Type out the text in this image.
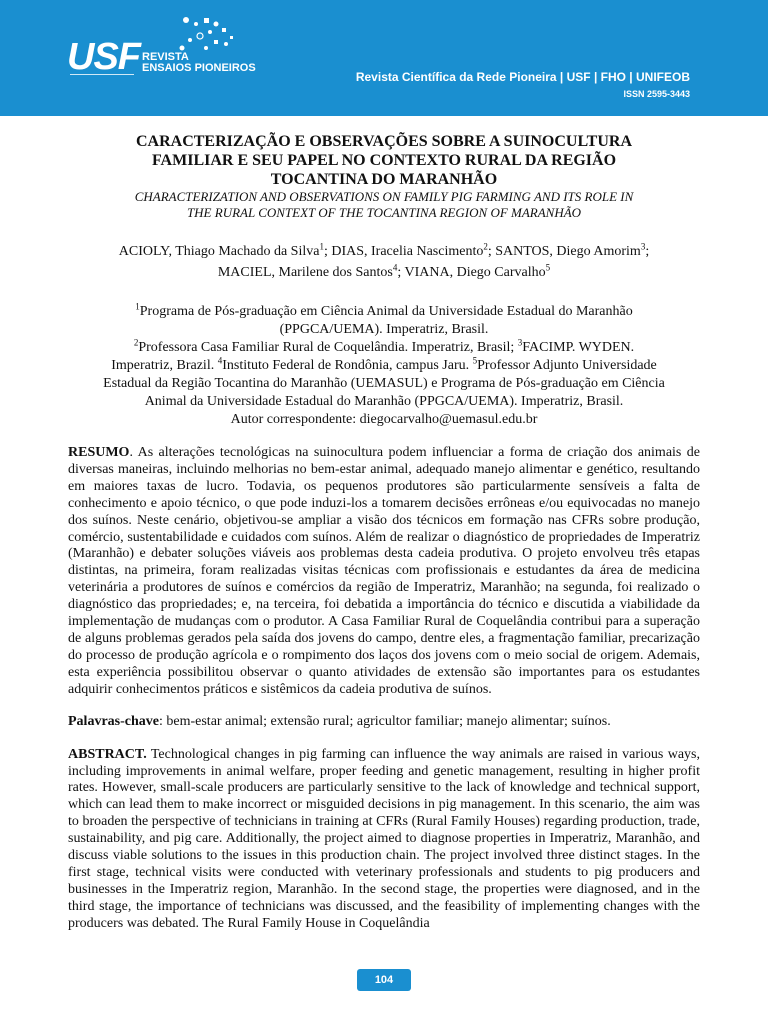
USF REVISTA
ENSAIOS PIONEIROS
Revista Científica da Rede Pioneira | USF | FHO | UNIFEOB
ISSN 2595-3443
CARACTERIZAÇÃO E OBSERVAÇÕES SOBRE A SUINOCULTURA
FAMILIAR E SEU PAPEL NO CONTEXTO RURAL DA REGIÃO
TOCANTINA DO MARANHÃO
CHARACTERIZATION AND OBSERVATIONS ON FAMILY PIG FARMING AND ITS ROLE IN
THE RURAL CONTEXT OF THE TOCANTINA REGION OF MARANHÃO
ACIOLY, Thiago Machado da Silva$^1$; DIAS, Iracelia Nascimento$^2$; SANTOS, Diego Amorim$^3$;
MACIEL, Marilene dos Santos$^4$; VIANA, Diego Carvalho$^5$
$^1$Programa de Pós-graduação em Ciência Animal da Universidade Estadual do Maranhão
(PPGCA/UEMA). Imperatriz, Brasil.
$^2$Professora Casa Familiar Rural de Coquelândia. Imperatriz, Brasil; $^3$FACIMP. WYDEN.
Imperatriz, Brazil. $^4$Instituto Federal de Rondônia, campus Jaru. $^5$Professor Adjunto Universidade
Estadual da Região Tocantina do Maranhão (UEMASUL) e Programa de Pós-graduação em Ciência
Animal da Universidade Estadual do Maranhão (PPGCA/UEMA). Imperatriz, Brasil.
Autor correspondente: diegocarvalho@uemasul.edu.br

RESUMO. As alterações tecnológicas na suinocultura podem influenciar a forma de criação dos animais de diversas maneiras, incluindo melhorias no bem-estar animal, adequado manejo alimentar e genético, resultando em maiores taxas de lucro. Todavia, os pequenos produtores são particularmente sensíveis a falta de conhecimento e apoio técnico, o que pode induzi-los a tomarem decisões errôneas e/ou equivocadas no manejo dos suínos. Neste cenário, objetivou-se ampliar a visão dos técnicos em formação nas CFRs sobre produção, comércio, sustentabilidade e cuidados com suínos. Além de realizar o diagnóstico de propriedades de Imperatriz (Maranhão) e debater soluções viáveis aos problemas desta cadeia produtiva. O projeto envolveu três etapas distintas, na primeira, foram realizadas visitas técnicas com profissionais e estudantes da área de medicina veterinária a produtores de suínos e comércios da região de Imperatriz, Maranhão; na segunda, foi realizado o diagnóstico das propriedades; e, na terceira, foi debatida a importância do técnico e discutida a viabilidade da implementação de mudanças com o produtor. A Casa Familiar Rural de Coquelândia contribui para a superação de alguns problemas gerados pela saída dos jovens do campo, dentre eles, a fragmentação familiar, precarização do processo de produção agrícola e o rompimento dos laços dos jovens com o meio social de origem. Ademais, esta experiência possibilitou observar o quanto atividades de extensão são importantes para os estudantes adquirir conhecimentos práticos e sistêmicos da cadeia produtiva de suínos.

Palavras-chave: bem-estar animal; extensão rural; agricultor familiar; manejo alimentar; suínos.

ABSTRACT. Technological changes in pig farming can influence the way animals are raised in various ways, including improvements in animal welfare, proper feeding and genetic management, resulting in higher profit rates. However, small-scale producers are particularly sensitive to the lack of knowledge and technical support, which can lead them to make incorrect or misguided decisions in pig management. In this scenario, the aim was to broaden the perspective of technicians in training at CFRs (Rural Family Houses) regarding production, trade, sustainability, and pig care. Additionally, the project aimed to diagnose properties in Imperatriz, Maranhão, and discuss viable solutions to the issues in this production chain. The project involved three distinct stages. In the first stage, technical visits were conducted with veterinary professionals and students to pig producers and businesses in the Imperatriz region, Maranhão. In the second stage, the properties were diagnosed, and in the third stage, the importance of technicians was discussed, and the feasibility of implementing changes with the producers was debated. The Rural Family House in Coquelândia

104
